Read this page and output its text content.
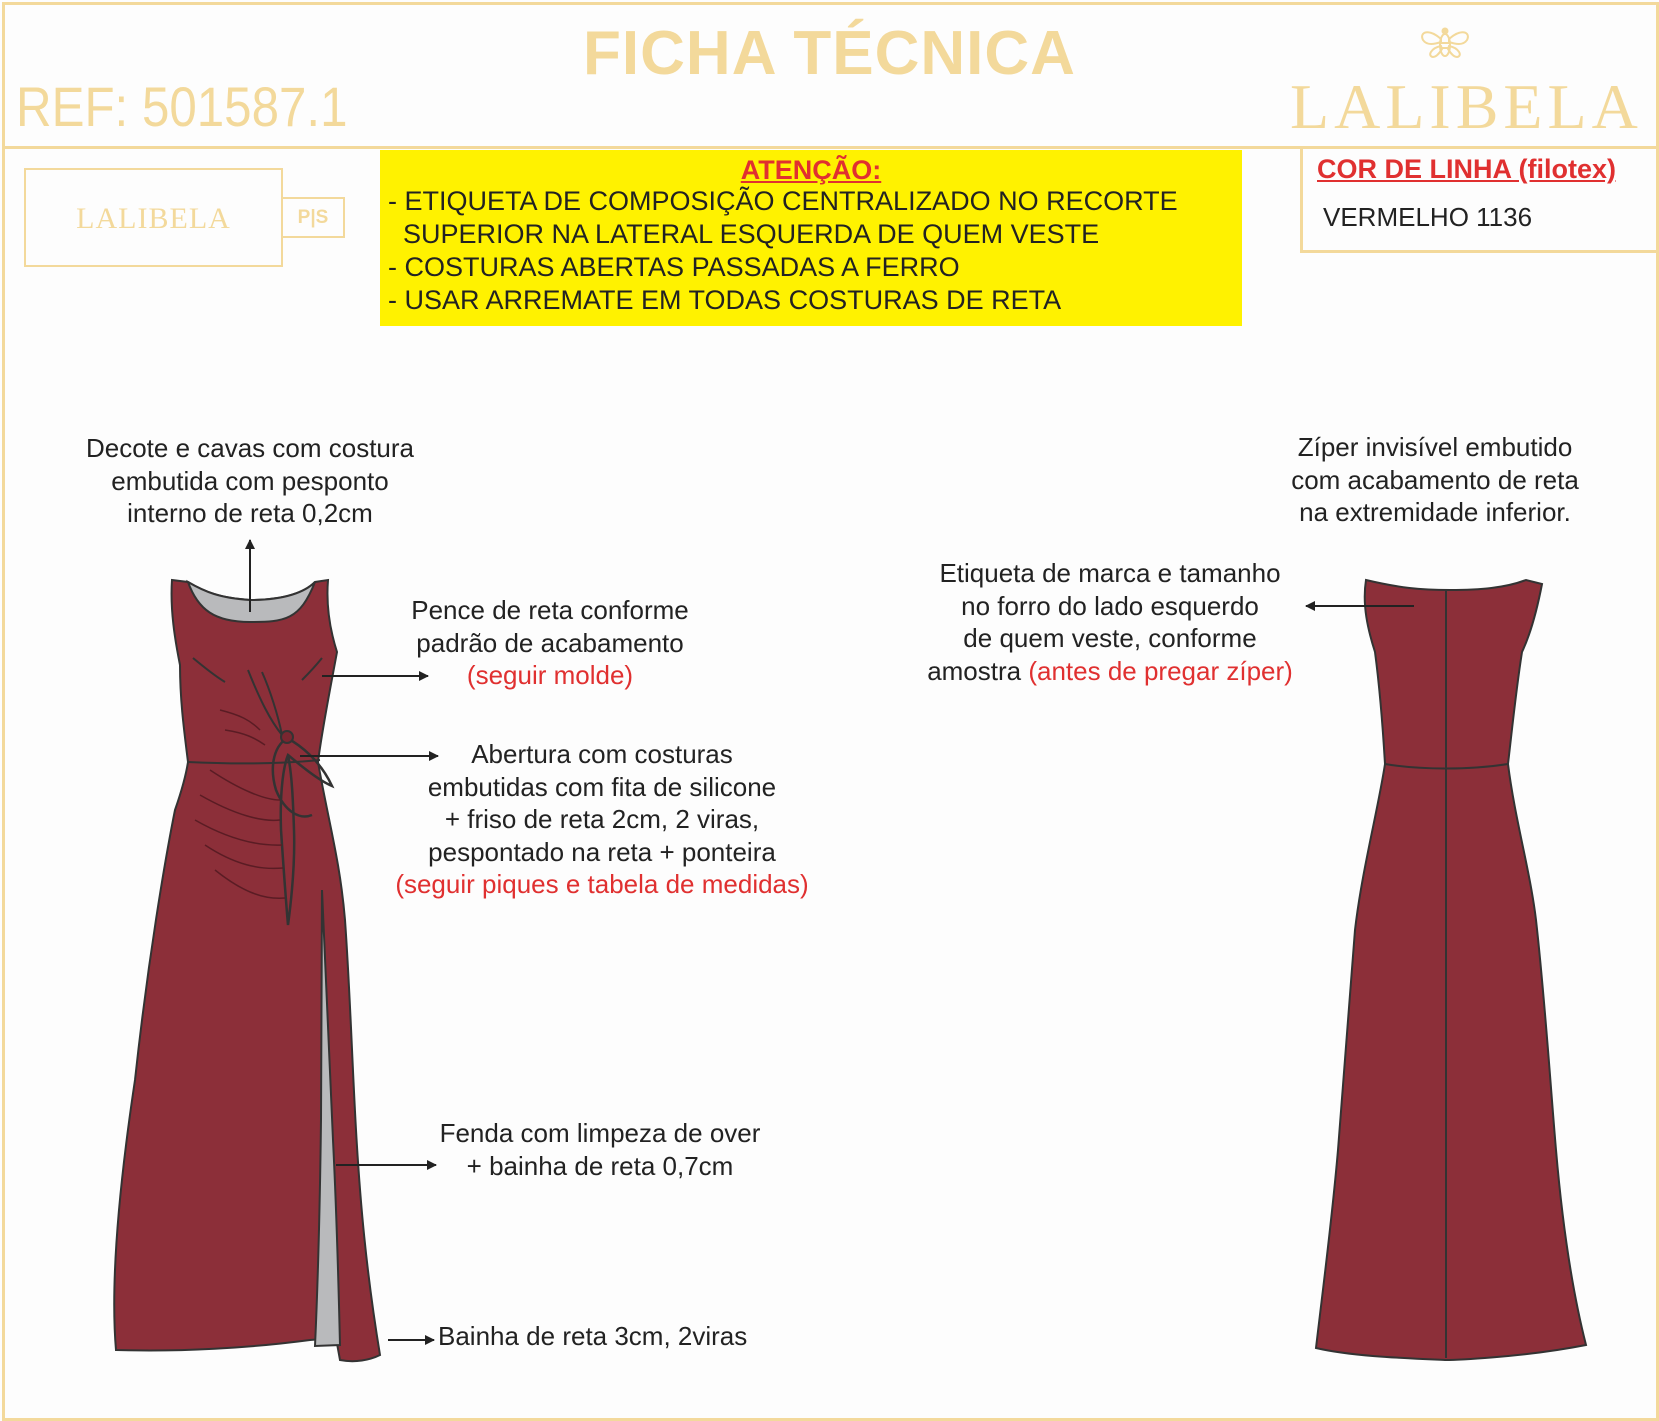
FICHA TÉCNICA
REF: 501587.1	LALIBELA
LALIBELA	P|S
ATENÇÃO:
- ETIQUETA DE COMPOSIÇÃO CENTRALIZADO NO RECORTE
SUPERIOR NA LATERAL ESQUERDA DE QUEM VESTE
- COSTURAS ABERTAS PASSADAS A FERRO
- USAR ARREMATE EM TODAS COSTURAS DE RETA
COR DE LINHA (filotex)
VERMELHO 1136
Decote e cavas com costura
embutida com pesponto
interno de reta 0,2cm
Pence de reta conforme
padrão de acabamento
(seguir molde)
Abertura com costuras
embutidas com fita de silicone
+ friso de reta 2cm, 2 viras,
pespontado na reta + ponteira
(seguir piques e tabela de medidas)
Fenda com limpeza de over
+ bainha de reta 0,7cm
Bainha de reta 3cm, 2viras
Zíper invisível embutido
com acabamento de reta
na extremidade inferior.
Etiqueta de marca e tamanho
no forro do lado esquerdo
de quem veste, conforme
amostra (antes de pregar zíper)
